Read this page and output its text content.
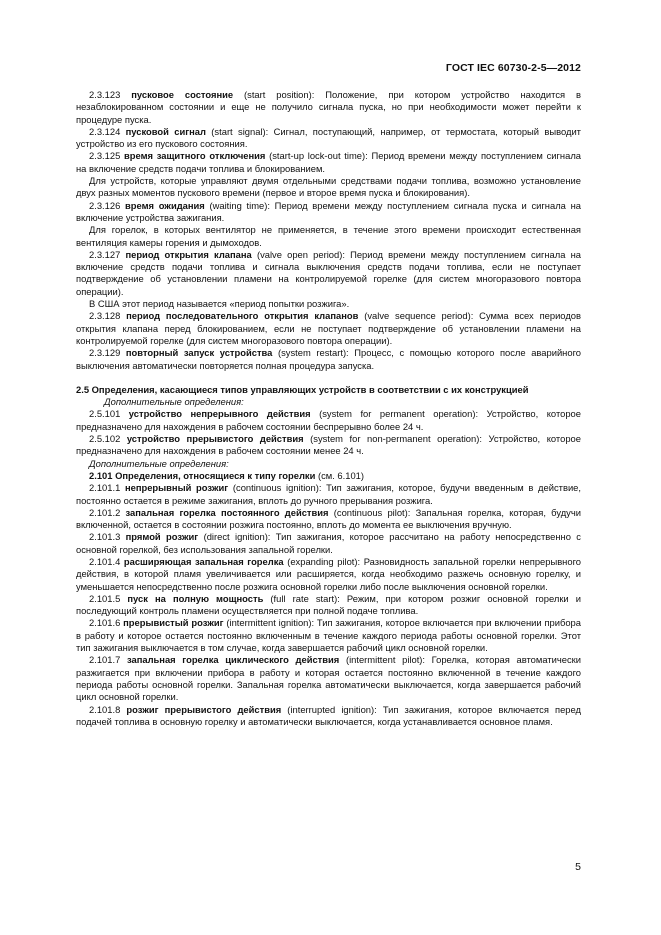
ГОСТ IEC 60730-2-5—2012

2.3.123 пусковое состояние (start position): Положение, при котором устройство находится в незаблокированном состоянии и еще не получило сигнала пуска, но при необходимости может перейти к процедуре пуска.

2.3.124 пусковой сигнал (start signal): Сигнал, поступающий, например, от термостата, который выводит устройство из его пускового состояния.

2.3.125 время защитного отключения (start-up lock-out time): Период времени между поступлением сигнала на включение средств подачи топлива и блокированием.

Для устройств, которые управляют двумя отдельными средствами подачи топлива, возможно установление двух разных моментов пускового времени (первое и второе время пуска и блокирования).

2.3.126 время ожидания (waiting time): Период времени между поступлением сигнала пуска и сигнала на включение устройства зажигания.

Для горелок, в которых вентилятор не применяется, в течение этого времени происходит естественная вентиляция камеры горения и дымоходов.

2.3.127 период открытия клапана (valve open period): Период времени между поступлением сигнала на включение средств подачи топлива и сигнала выключения средств подачи топлива, если не поступает подтверждение об установлении пламени на контролируемой горелке (для систем многоразового повтора операции).

В США этот период называется «период попытки розжига».

2.3.128 период последовательного открытия клапанов (valve sequence period): Сумма всех периодов открытия клапана перед блокированием, если не поступает подтверждение об установлении пламени на контролируемой горелке (для систем многоразового повтора операции).

2.3.129 повторный запуск устройства (system restart): Процесс, с помощью которого после аварийного выключения автоматически повторяется полная процедура запуска.

2.5 Определения, касающиеся типов управляющих устройств в соответствии с их конструкцией

Дополнительные определения:

2.5.101 устройство непрерывного действия (system for permanent operation): Устройство, которое предназначено для нахождения в рабочем состоянии беспрерывно более 24 ч.

2.5.102 устройство прерывистого действия (system for non-permanent operation): Устройство, которое предназначено для нахождения в рабочем состоянии менее 24 ч.

Дополнительные определения:

2.101 Определения, относящиеся к типу горелки (см. 6.101)

2.101.1 непрерывный розжиг (continuous ignition): Тип зажигания, которое, будучи введенным в действие, постоянно остается в режиме зажигания, вплоть до ручного прерывания розжига.

2.101.2 запальная горелка постоянного действия (continuous pilot): Запальная горелка, которая, будучи включенной, остается в состоянии розжига постоянно, вплоть до момента ее выключения вручную.

2.101.3 прямой розжиг (direct ignition): Тип зажигания, которое рассчитано на работу непосредственно с основной горелкой, без использования запальной горелки.

2.101.4 расширяющая запальная горелка (expanding pilot): Разновидность запальной горелки непрерывного действия, в которой пламя увеличивается или расширяется, когда необходимо разжечь основную горелку, и уменьшается непосредственно после розжига основной горелки либо после выключения основной горелки.

2.101.5 пуск на полную мощность (full rate start): Режим, при котором розжиг основной горелки и последующий контроль пламени осуществляется при полной подаче топлива.

2.101.6 прерывистый розжиг (intermittent ignition): Тип зажигания, которое включается при включении прибора в работу и которое остается постоянно включенным в течение каждого периода работы основной горелки. Этот тип зажигания выключается в том случае, когда завершается рабочий цикл основной горелки.

2.101.7 запальная горелка циклического действия (intermittent pilot): Горелка, которая автоматически разжигается при включении прибора в работу и которая остается постоянно включенной в течение каждого периода работы основной горелки. Запальная горелка автоматически выключается, когда завершается рабочий цикл основной горелки.

2.101.8 розжиг прерывистого действия (interrupted ignition): Тип зажигания, которое включается перед подачей топлива в основную горелку и автоматически выключается, когда устанавливается основное пламя.

5
